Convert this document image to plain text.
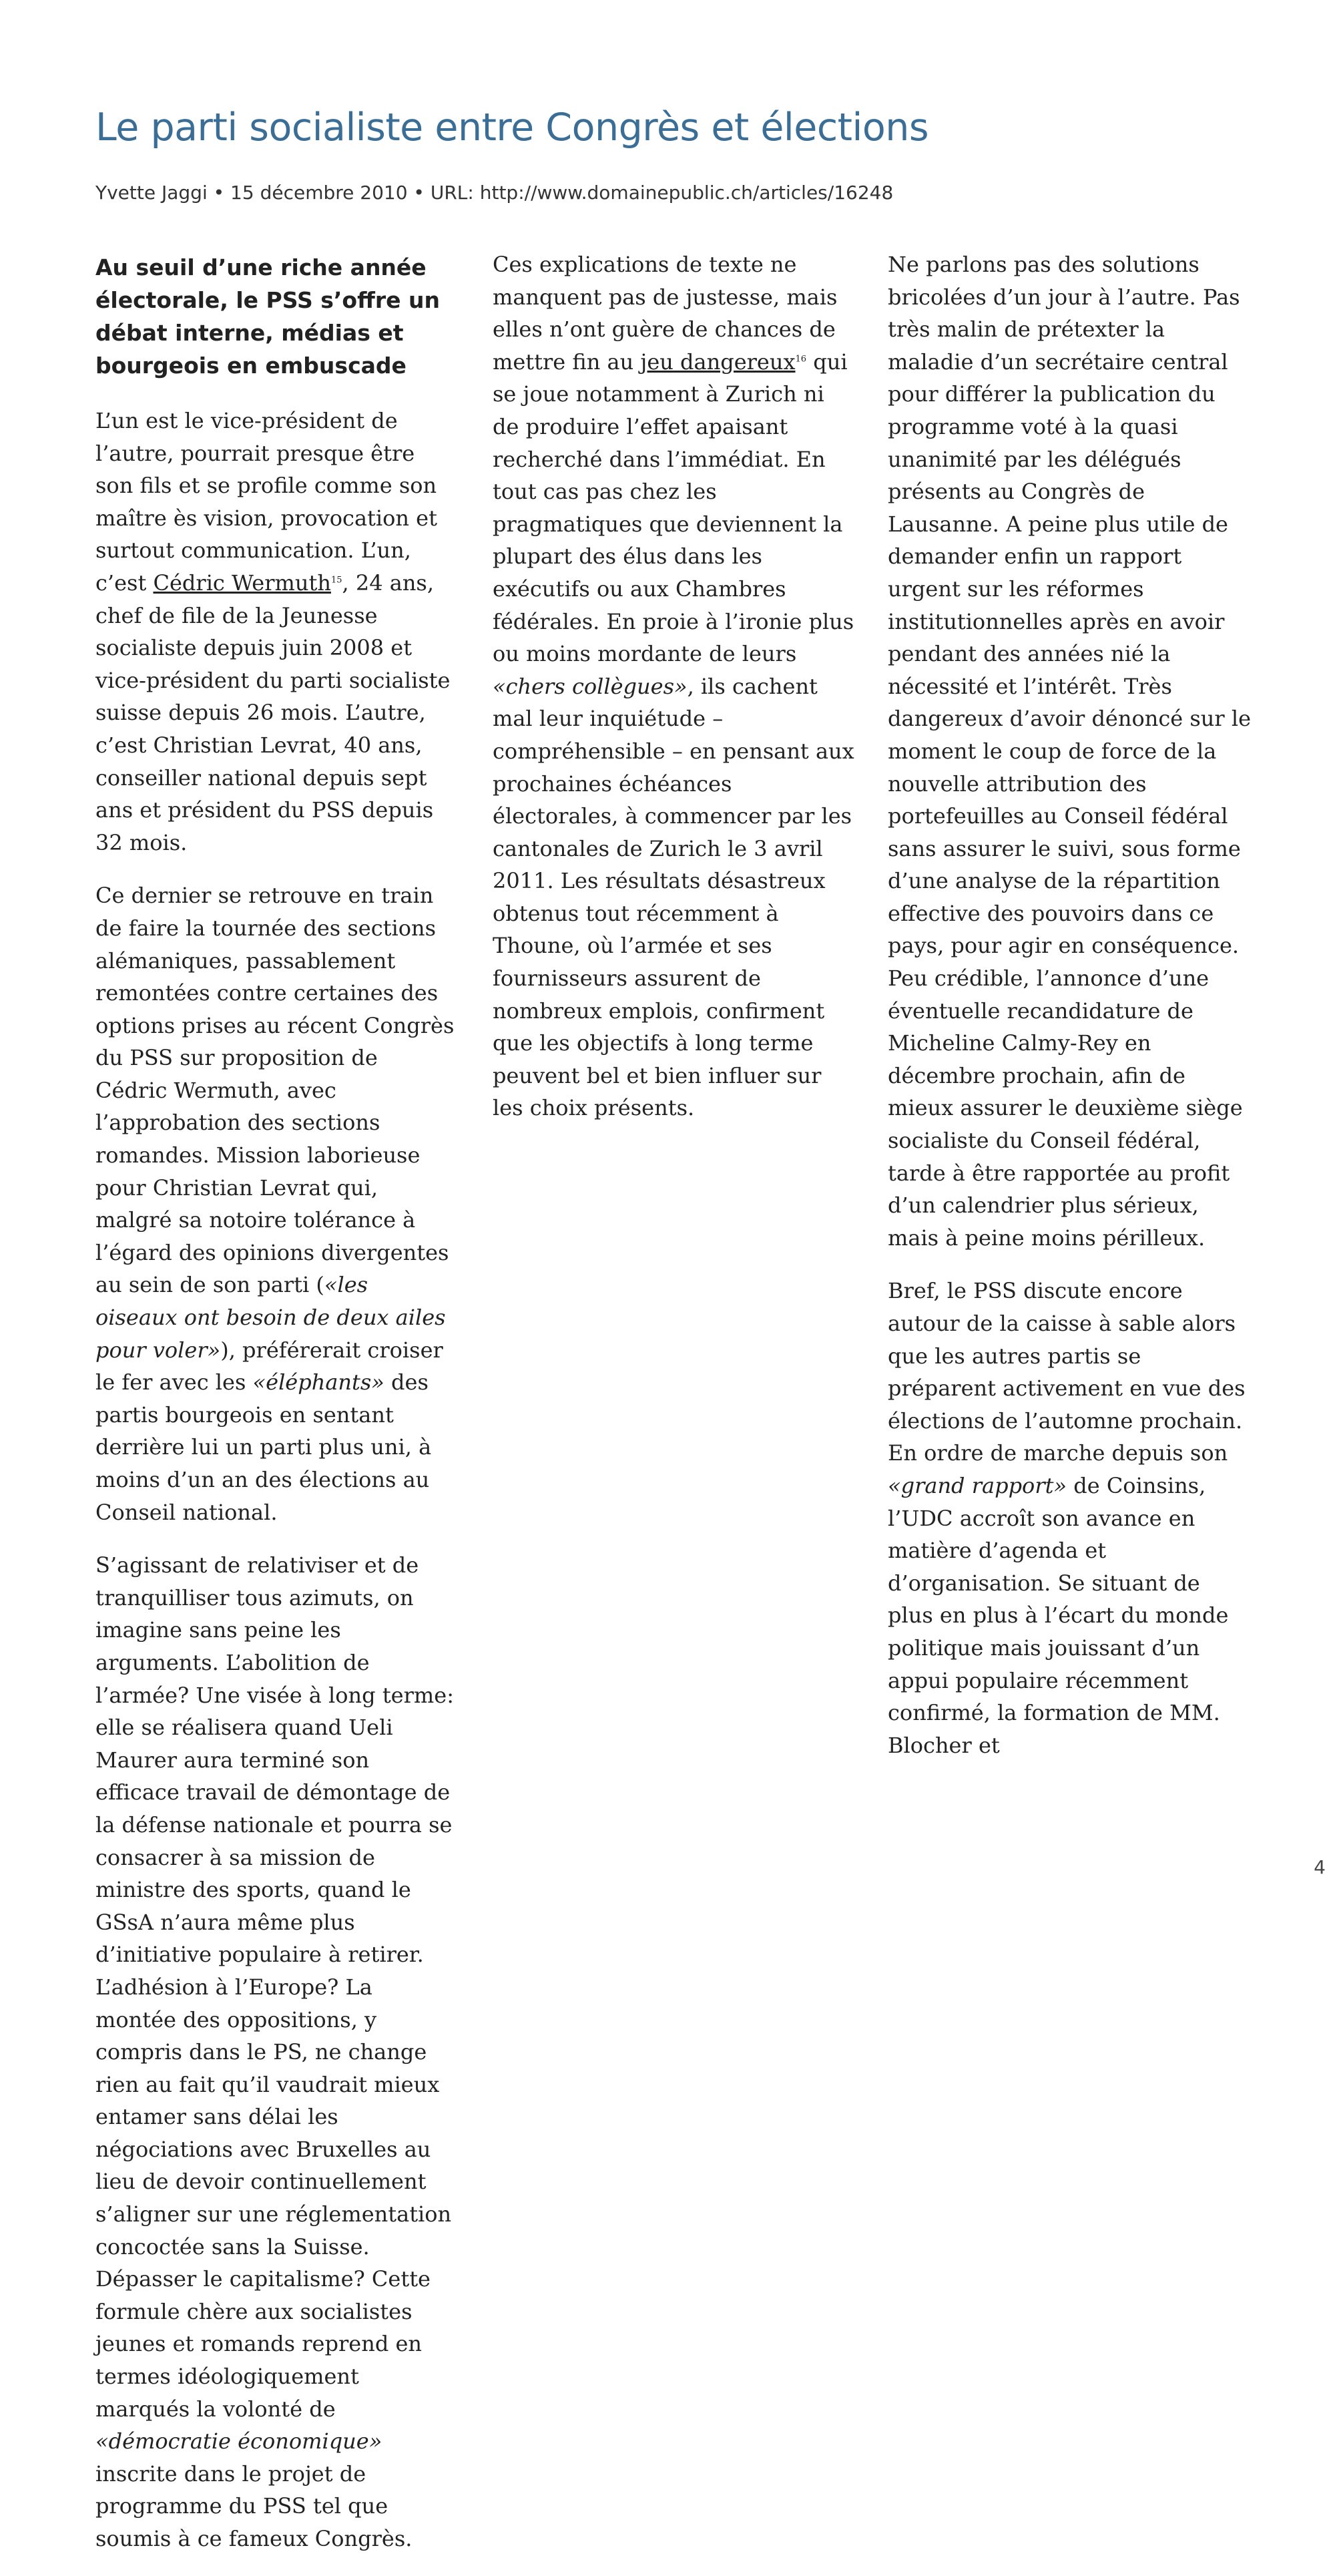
Le parti socialiste entre Congrès et élections
Yvette Jaggi • 15 décembre 2010 • URL: http://www.domainepublic.ch/articles/16248

Au seuil d’une riche année électorale, le PSS s’offre un débat interne, médias et bourgeois en embuscade

L’un est le vice-président de l’autre, pourrait presque être son fils et se profile comme son maître ès vision, provocation et surtout communication. L’un, c’est Cédric Wermuth$^{15}$, 24 ans, chef de file de la Jeunesse socialiste depuis juin 2008 et vice-président du parti socialiste suisse depuis 26 mois. L’autre, c’est Christian Levrat, 40 ans, conseiller national depuis sept ans et président du PSS depuis 32 mois.

Ce dernier se retrouve en train de faire la tournée des sections alémaniques, passablement remontées contre certaines des options prises au récent Congrès du PSS sur proposition de Cédric Wermuth, avec l’approbation des sections romandes. Mission laborieuse pour Christian Levrat qui, malgré sa notoire tolérance à l’égard des opinions divergentes au sein de son parti («les oiseaux ont besoin de deux ailes pour voler»), préférerait croiser le fer avec les «éléphants» des partis bourgeois en sentant derrière lui un parti plus uni, à moins d’un an des élections au Conseil national.

S’agissant de relativiser et de tranquilliser tous azimuts, on imagine sans peine les arguments. L’abolition de l’armée? Une visée à long terme: elle se réalisera quand Ueli Maurer aura terminé son efficace travail de démontage de la défense nationale et pourra se consacrer à sa mission de ministre des sports, quand le GSsA n’aura même plus d’initiative populaire à retirer. L’adhésion à l’Europe? La montée des oppositions, y compris dans le PS, ne change rien au fait qu’il vaudrait mieux entamer sans délai les négociations avec Bruxelles au lieu de devoir continuellement s’aligner sur une réglementation concoctée sans la Suisse. Dépasser le capitalisme? Cette formule chère aux socialistes jeunes et romands reprend en termes idéologiquement marqués la volonté de «démocratie économique» inscrite dans le projet de programme du PSS tel que soumis à ce fameux Congrès.

Ces explications de texte ne manquent pas de justesse, mais elles n’ont guère de chances de mettre fin au jeu dangereux$^{16}$ qui se joue notamment à Zurich ni de produire l’effet apaisant recherché dans l’immédiat. En tout cas pas chez les pragmatiques que deviennent la plupart des élus dans les exécutifs ou aux Chambres fédérales. En proie à l’ironie plus ou moins mordante de leurs «chers collègues», ils cachent mal leur inquiétude – compréhensible – en pensant aux prochaines échéances électorales, à commencer par les cantonales de Zurich le 3 avril 2011. Les résultats désastreux obtenus tout récemment à Thoune, où l’armée et ses fournisseurs assurent de nombreux emplois, confirment que les objectifs à long terme peuvent bel et bien influer sur les choix présents.

Ne parlons pas des solutions bricolées d’un jour à l’autre. Pas très malin de prétexter la maladie d’un secrétaire central pour différer la publication du programme voté à la quasi unanimité par les délégués présents au Congrès de Lausanne. A peine plus utile de demander enfin un rapport urgent sur les réformes institutionnelles après en avoir pendant des années nié la nécessité et l’intérêt. Très dangereux d’avoir dénoncé sur le moment le coup de force de la nouvelle attribution des portefeuilles au Conseil fédéral sans assurer le suivi, sous forme d’une analyse de la répartition effective des pouvoirs dans ce pays, pour agir en conséquence. Peu crédible, l’annonce d’une éventuelle recandidature de Micheline Calmy-Rey en décembre prochain, afin de mieux assurer le deuxième siège socialiste du Conseil fédéral, tarde à être rapportée au profit d’un calendrier plus sérieux, mais à peine moins périlleux.

Bref, le PSS discute encore autour de la caisse à sable alors que les autres partis se préparent activement en vue des élections de l’automne prochain. En ordre de marche depuis son «grand rapport» de Coinsins, l’UDC accroît son avance en matière d’agenda et d’organisation. Se situant de plus en plus à l’écart du monde politique mais jouissant d’un appui populaire récemment confirmé, la formation de MM. Blocher et

4
